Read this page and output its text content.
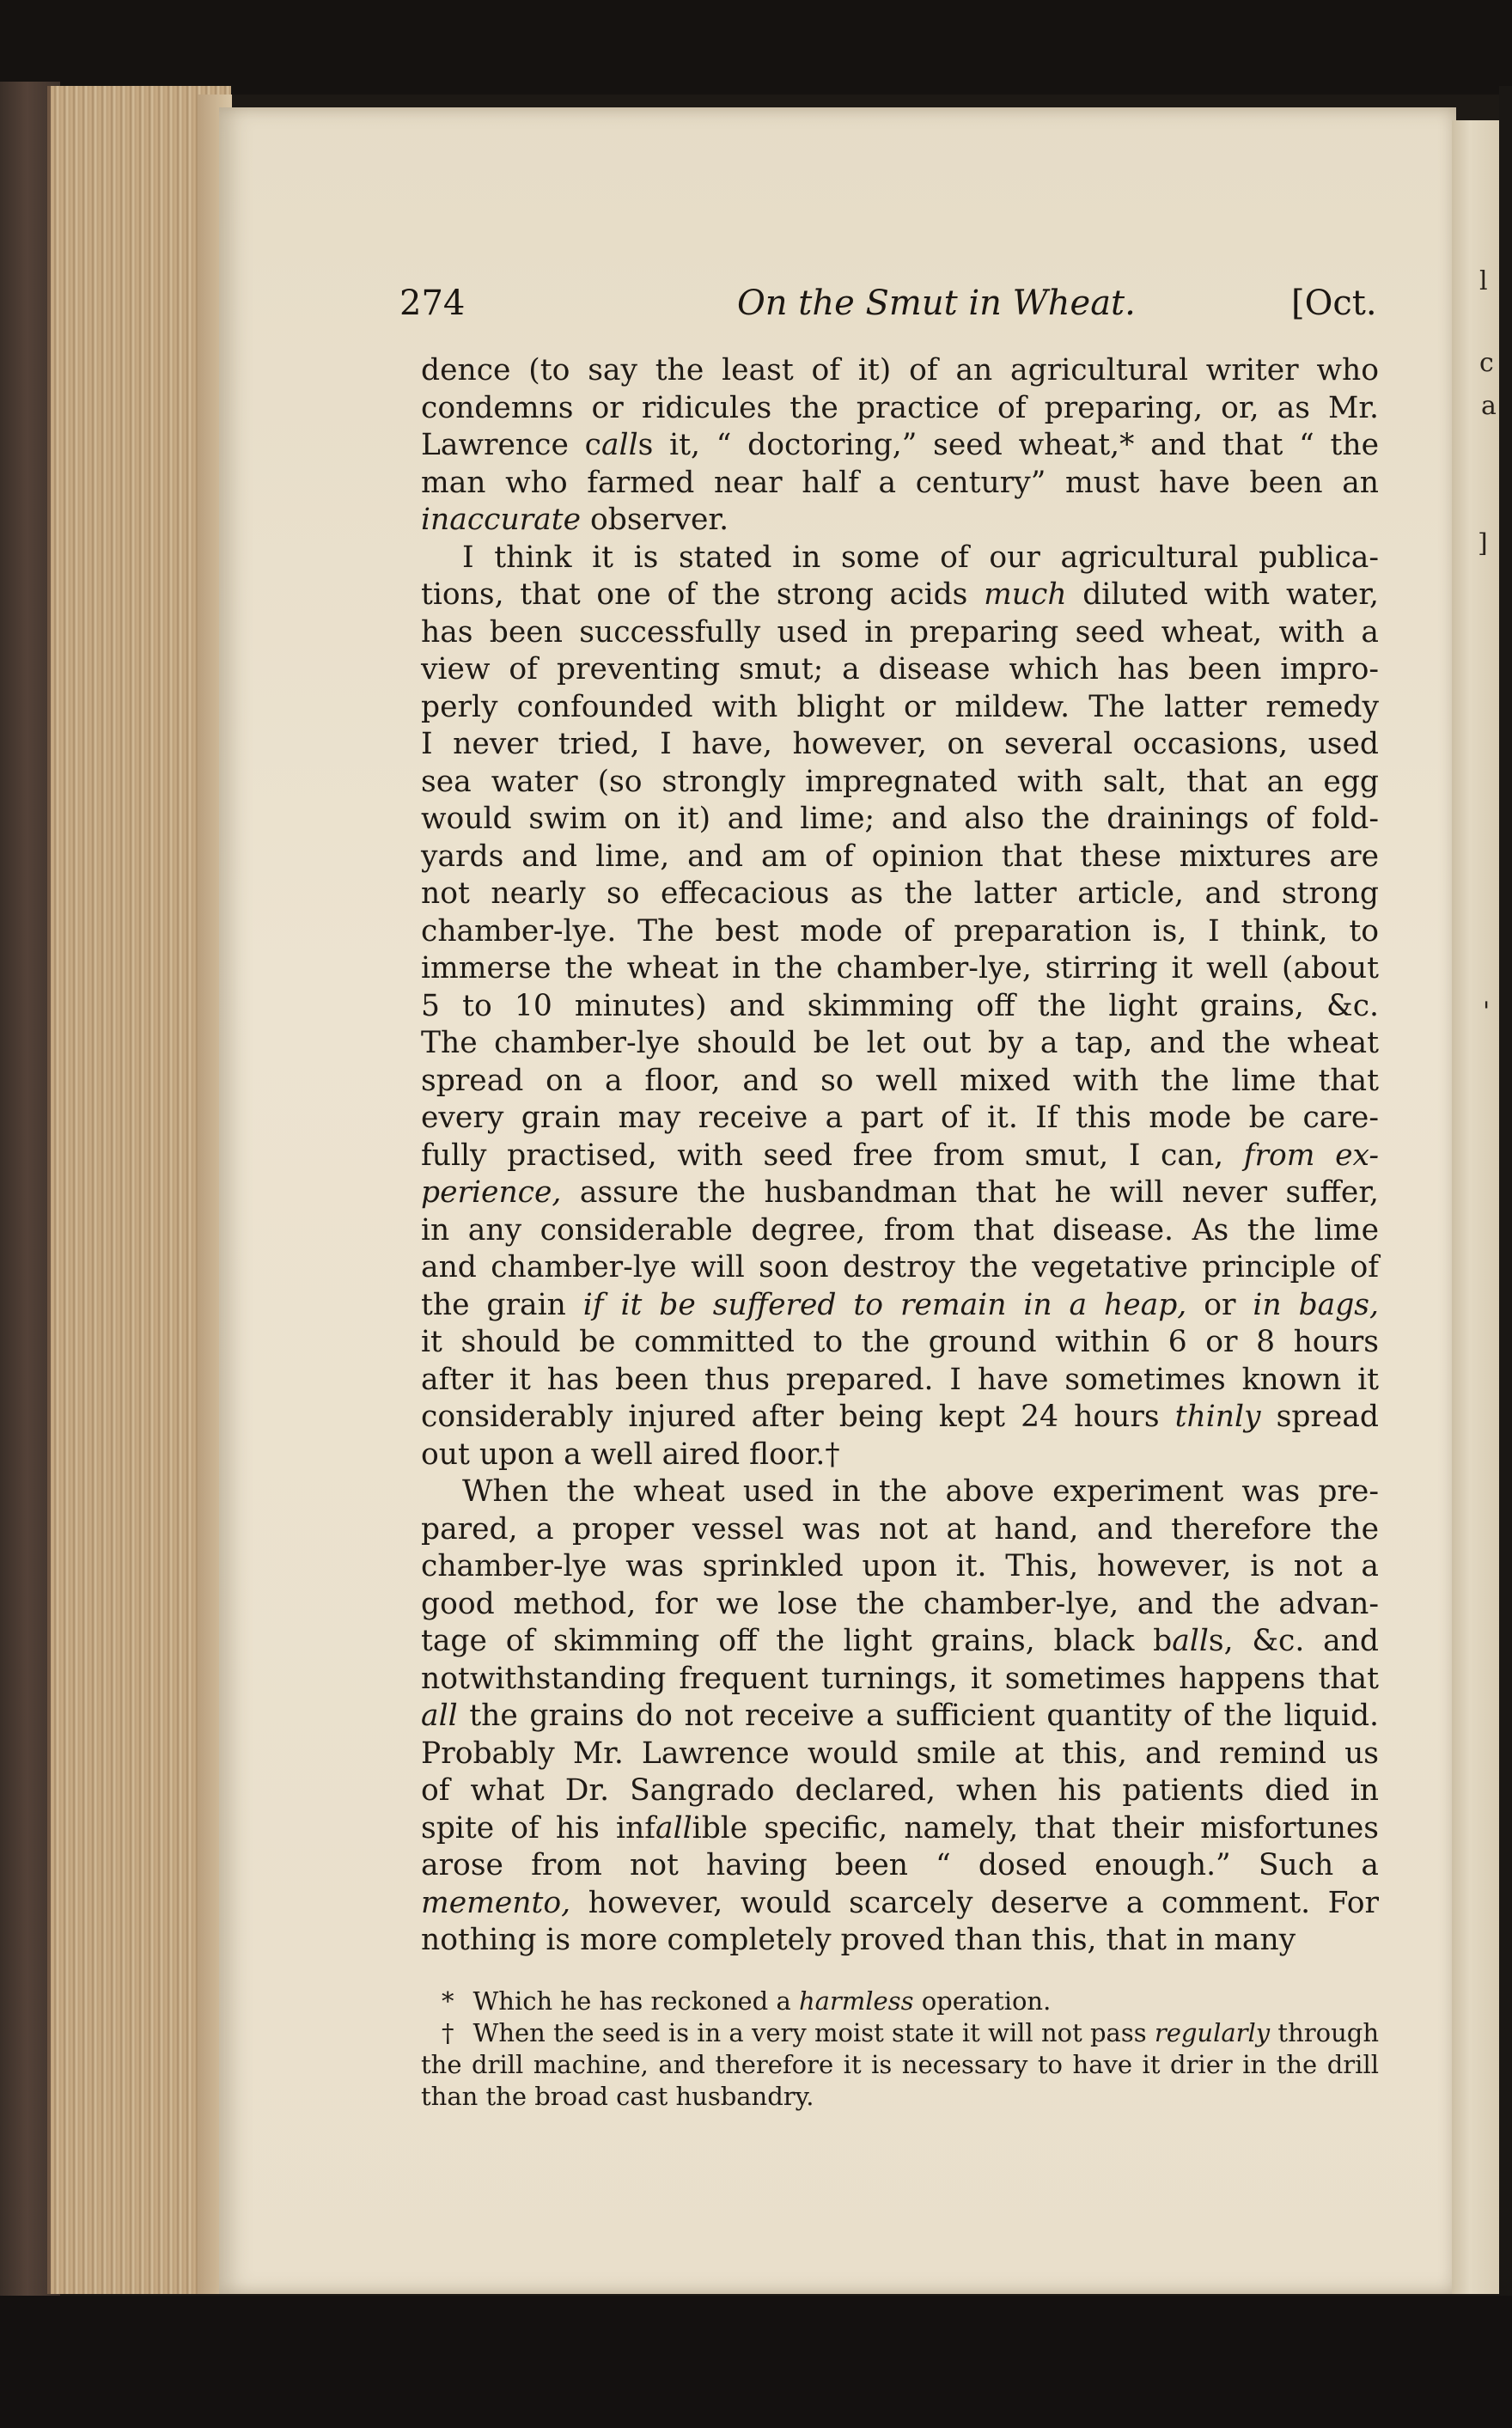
l
c
a
]
'
274	On the Smut in Wheat.	[Oct.
dence (to say the least of it) of an agricultural writer who
condemns or ridicules the practice of preparing, or, as Mr.
Lawrence calls it, “ doctoring,” seed wheat,* and that “ the
man who farmed near half a century” must have been an
inaccurate observer.
I think it is stated in some of our agricultural publica-
tions, that one of the strong acids much diluted with water,
has been successfully used in preparing seed wheat, with a
view of preventing smut; a disease which has been impro-
perly confounded with blight or mildew. The latter remedy
I never tried, I have, however, on several occasions, used
sea water (so strongly impregnated with salt, that an egg
would swim on it) and lime; and also the drainings of fold-
yards and lime, and am of opinion that these mixtures are
not nearly so effecacious as the latter article, and strong
chamber-lye. The best mode of preparation is, I think, to
immerse the wheat in the chamber-lye, stirring it well (about
5 to 10 minutes) and skimming off the light grains, &c.
The chamber-lye should be let out by a tap, and the wheat
spread on a floor, and so well mixed with the lime that
every grain may receive a part of it. If this mode be care-
fully practised, with seed free from smut, I can, from ex-
perience, assure the husbandman that he will never suffer,
in any considerable degree, from that disease. As the lime
and chamber-lye will soon destroy the vegetative principle of
the grain if it be suffered to remain in a heap, or in bags,
it should be committed to the ground within 6 or 8 hours
after it has been thus prepared. I have sometimes known it
considerably injured after being kept 24 hours thinly spread
out upon a well aired floor.†
When the wheat used in the above experiment was pre-
pared, a proper vessel was not at hand, and therefore the
chamber-lye was sprinkled upon it. This, however, is not a
good method, for we lose the chamber-lye, and the advan-
tage of skimming off the light grains, black balls, &c. and
notwithstanding frequent turnings, it sometimes happens that
all the grains do not receive a sufficient quantity of the liquid.
Probably Mr. Lawrence would smile at this, and remind us
of what Dr. Sangrado declared, when his patients died in
spite of his infallible specific, namely, that their misfortunes
arose from not having been “ dosed enough.” Such a
memento, however, would scarcely deserve a comment. For
nothing is more completely proved than this, that in many
* Which he has reckoned a harmless operation.
† When the seed is in a very moist state it will not pass regularly through
the drill machine, and therefore it is necessary to have it drier in the drill
than the broad cast husbandry.
